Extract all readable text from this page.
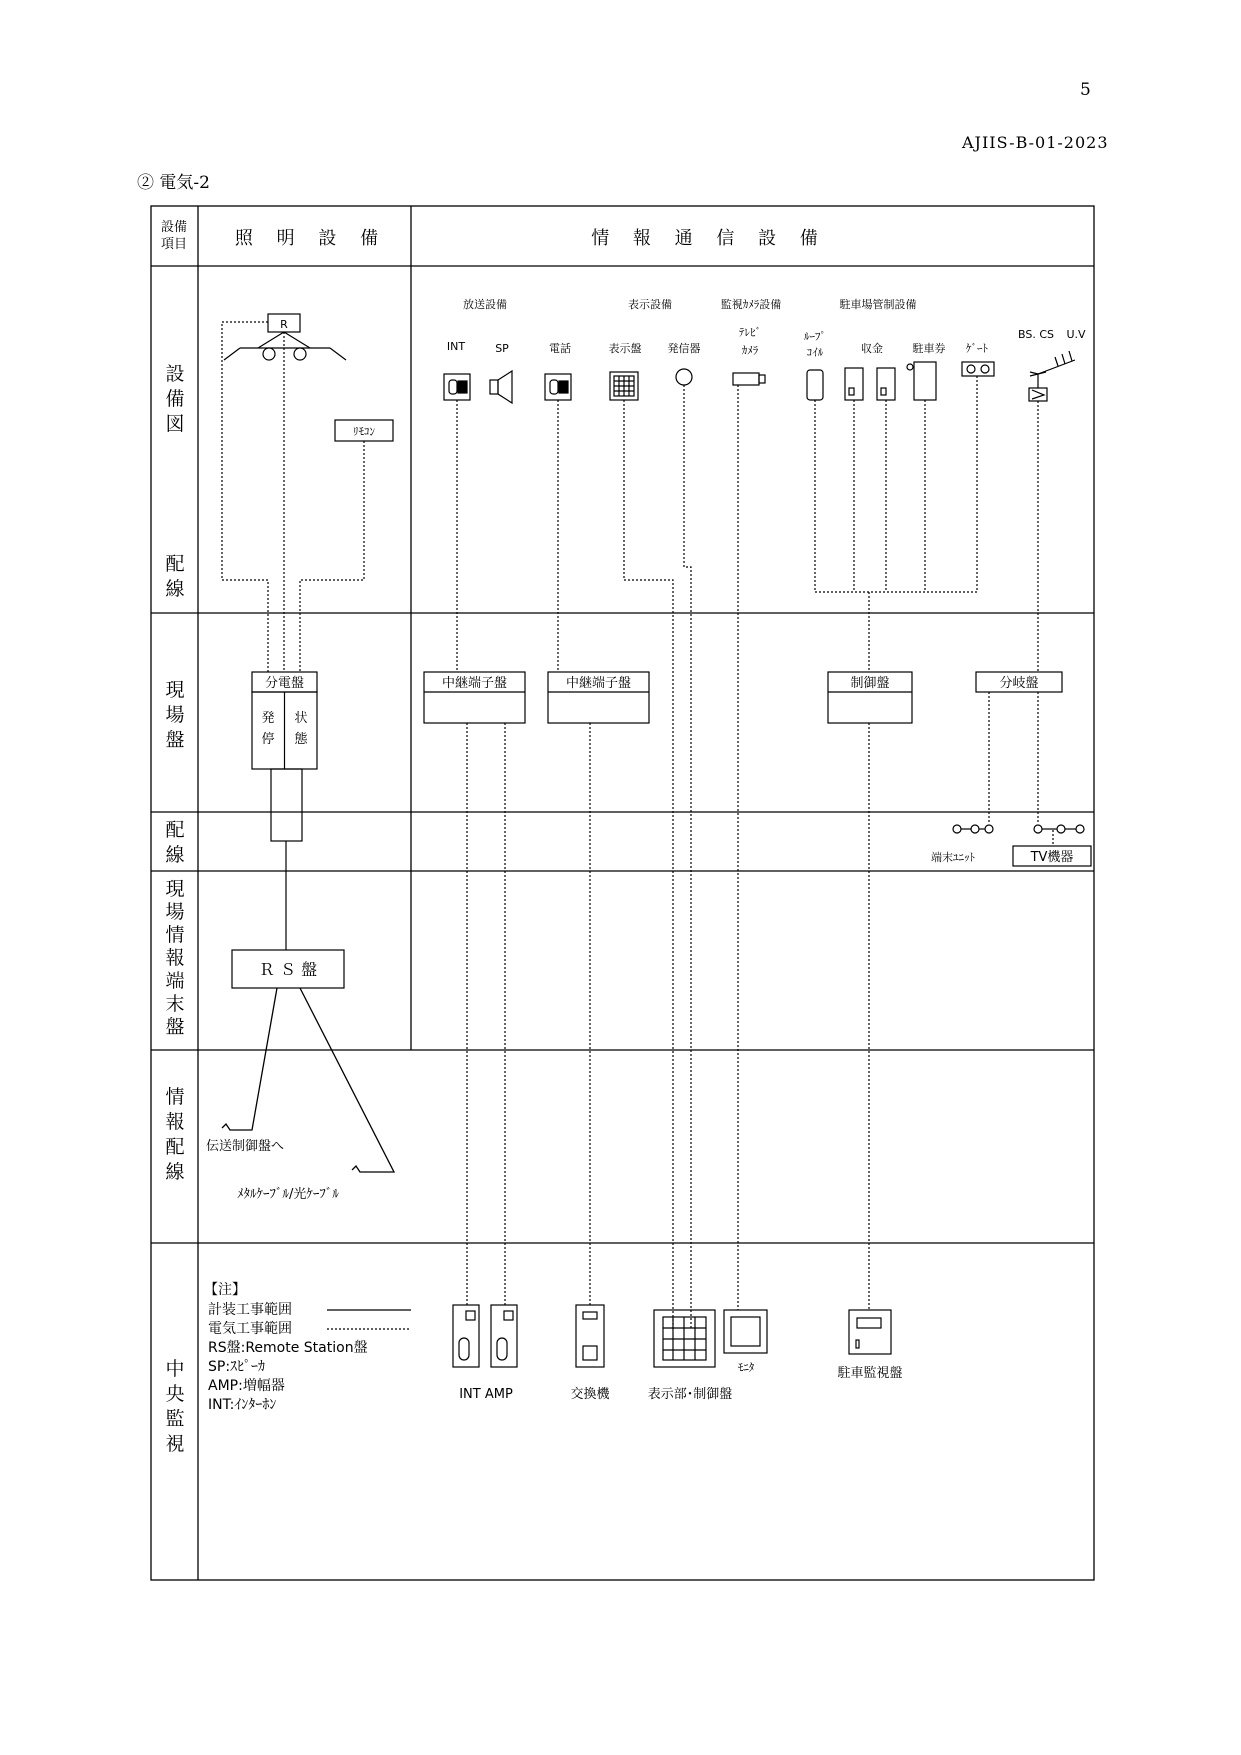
5
AJIIS-B-01-2023
② 電気-2
設備
項目	照 明 設 備	情 報 通 信 設 備
設
備
図
配
線
現
場
盤
配
線
現
場
情
報
端
末
盤
情
報
配
線
中
央
監
視
R
ﾘﾓｺﾝ
分電盤
発
停
状
態
Ｒ Ｓ 盤
伝送制御盤へ
ﾒﾀﾙｹｰﾌﾞﾙ/光ｹｰﾌﾞﾙ
放送設備	表示設備	監視ｶﾒﾗ設備	駐車場管制設備
INT	SP	電話	表示盤 発信器
ﾃﾚﾋﾞ
ｶﾒﾗ
ﾙｰﾌﾟ
ｺｲﾙ	収金	駐車券 ｹﾞｰﾄ
BS. CS U.V
中継端子盤	中継端子盤	制御盤	分岐盤
端末ﾕﾆｯﾄ	TV機器
INT AMP	交換機	表示部･制御盤
ﾓﾆﾀ	駐車監視盤
【注】
計装工事範囲
電気工事範囲
RS盤:Remote Station盤
SP:ｽﾋﾟｰｶ
AMP:増幅器
INT:ｲﾝﾀｰﾎﾝ
